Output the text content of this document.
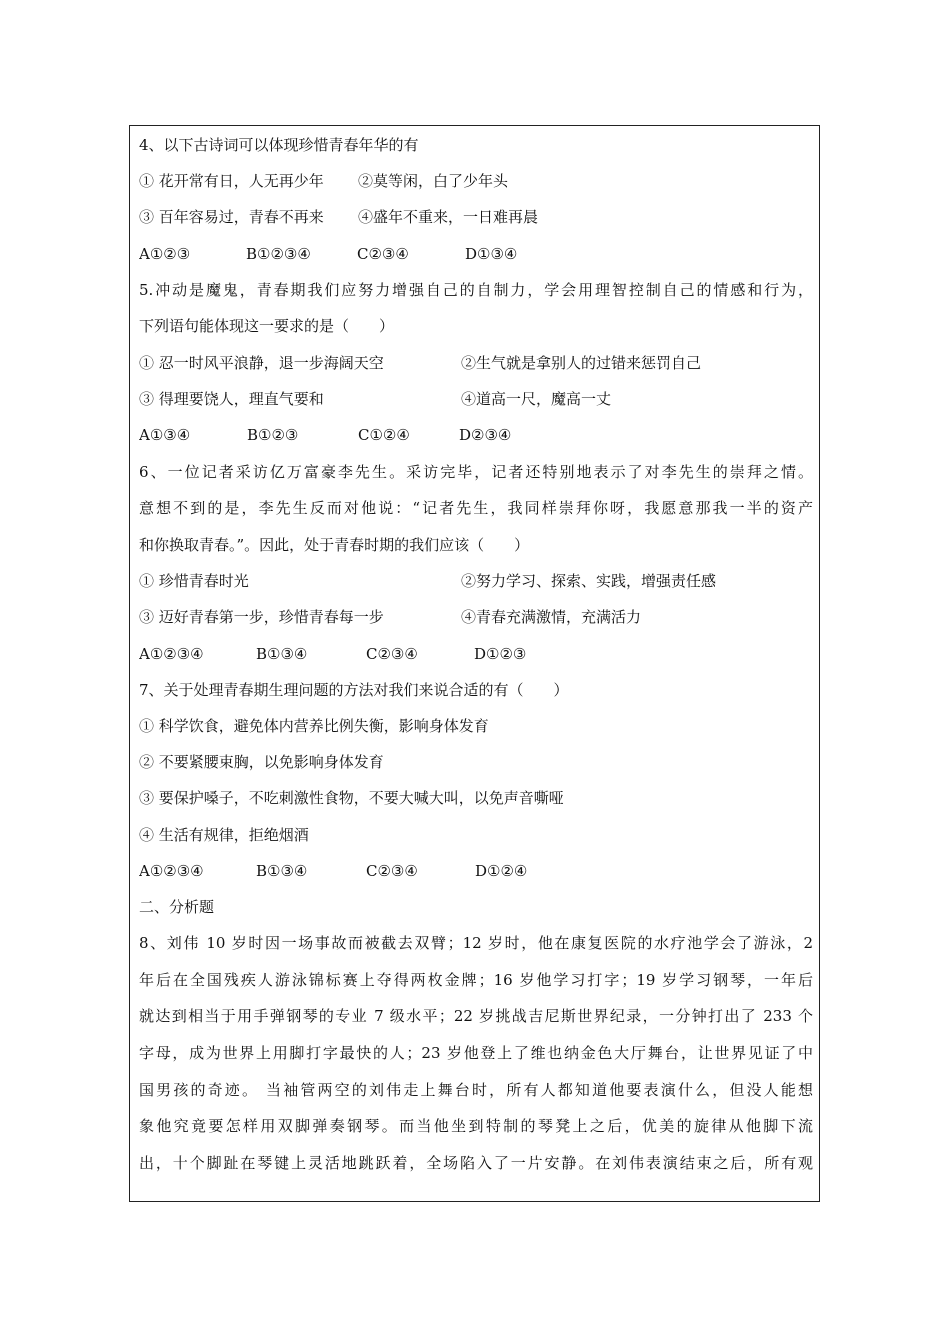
4、以下古诗词可以体现珍惜青春年华的有
① 花开常有日，人无再少年 ②莫等闲，白了少年头
③ 百年容易过，青春不再来 ④盛年不重来，一日难再晨
A①②③	B①②③④	C②③④	D①③④
5.冲动是魔鬼，青春期我们应努力增强自己的自制力，学会用理智控制自己的情感和行为，
下列语句能体现这一要求的是（　　）
① 忍一时风平浪静，退一步海阔天空	②生气就是拿别人的过错来惩罚自己
③ 得理要饶人，理直气要和	④道高一尺，魔高一丈
A①③④	B①②③	C①②④	D②③④
6、一位记者采访亿万富豪李先生。采访完毕，记者还特别地表示了对李先生的崇拜之情。
意想不到的是，李先生反而对他说：“记者先生，我同样崇拜你呀，我愿意那我一半的资产
和你换取青春。”。因此，处于青春时期的我们应该（　　）
① 珍惜青春时光	②努力学习、探索、实践，增强责任感
③ 迈好青春第一步，珍惜青春每一步	④青春充满激情，充满活力
A①②③④	B①③④	C②③④	D①②③
7、关于处理青春期生理问题的方法对我们来说合适的有（　　）
① 科学饮食，避免体内营养比例失衡，影响身体发育
② 不要紧腰束胸，以免影响身体发育
③ 要保护嗓子，不吃刺激性食物，不要大喊大叫，以免声音嘶哑
④ 生活有规律，拒绝烟酒
A①②③④	B①③④	C②③④	D①②④
二、分析题
8、刘伟 10 岁时因一场事故而被截去双臂；12 岁时，他在康复医院的水疗池学会了游泳，2
年后在全国残疾人游泳锦标赛上夺得两枚金牌；16 岁他学习打字；19 岁学习钢琴，一年后
就达到相当于用手弹钢琴的专业 7 级水平；22 岁挑战吉尼斯世界纪录，一分钟打出了 233 个
字母，成为世界上用脚打字最快的人；23 岁他登上了维也纳金色大厅舞台，让世界见证了中
国男孩的奇迹。 当袖管两空的刘伟走上舞台时，所有人都知道他要表演什么，但没人能想
象他究竟要怎样用双脚弹奏钢琴。而当他坐到特制的琴凳上之后，优美的旋律从他脚下流
出，十个脚趾在琴键上灵活地跳跃着，全场陷入了一片安静。在刘伟表演结束之后，所有观
